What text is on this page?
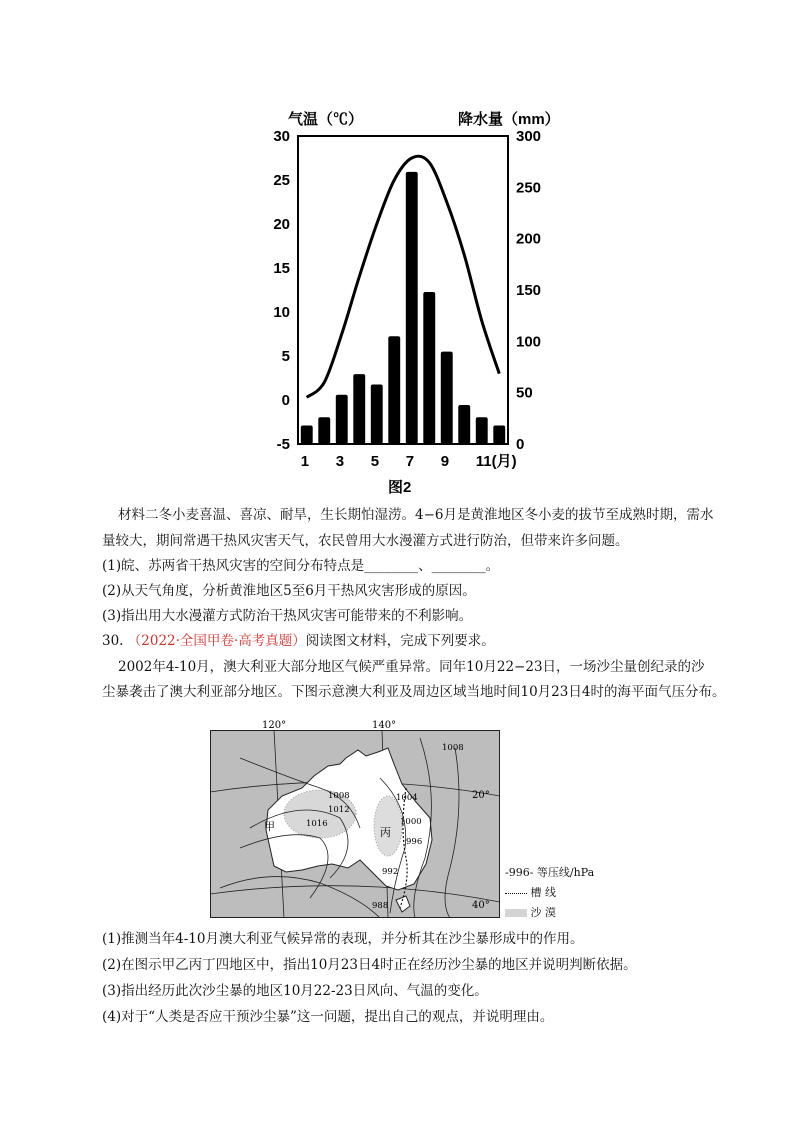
气温（℃）	降水量（mm）
-5
0
5
10
15
20
25
30
0
50
100
150
200
250
300
1 3 5 7 9 11(月)
图2
材料二冬小麦喜温、喜凉、耐旱，生长期怕湿涝。4−6月是黄淮地区冬小麦的拔节至成熟时期，需水
量较大，期间常遇干热风灾害天气，农民曾用大水漫灌方式进行防治，但带来许多问题。
(1)皖、苏两省干热风灾害的空间分布特点是________、________。
(2)从天气角度，分析黄淮地区5至6月干热风灾害形成的原因。
(3)指出用大水漫灌方式防治干热风灾害可能带来的不利影响。
30. （2022·全国甲卷·高考真题）阅读图文材料，完成下列要求。
2002年4-10月，澳大利亚大部分地区气候严重异常。同年10月22−23日，一场沙尘量创纪录的沙
尘暴袭击了澳大利亚部分地区。下图示意澳大利亚及周边区域当地时间10月23日4时的海平面气压分布。
120°	140°
1008
1008
1012
1016
1004
1000
996
992
988
甲	丙
20°
40°
-996- 等压线/hPa
槽 线
沙 漠
(1)推测当年4-10月澳大利亚气候异常的表现，并分析其在沙尘暴形成中的作用。
(2)在图示甲乙丙丁四地区中，指出10月23日4时正在经历沙尘暴的地区并说明判断依据。
(3)指出经历此次沙尘暴的地区10月22-23日风向、气温的变化。
(4)对于“人类是否应干预沙尘暴”这一问题，提出自己的观点，并说明理由。
